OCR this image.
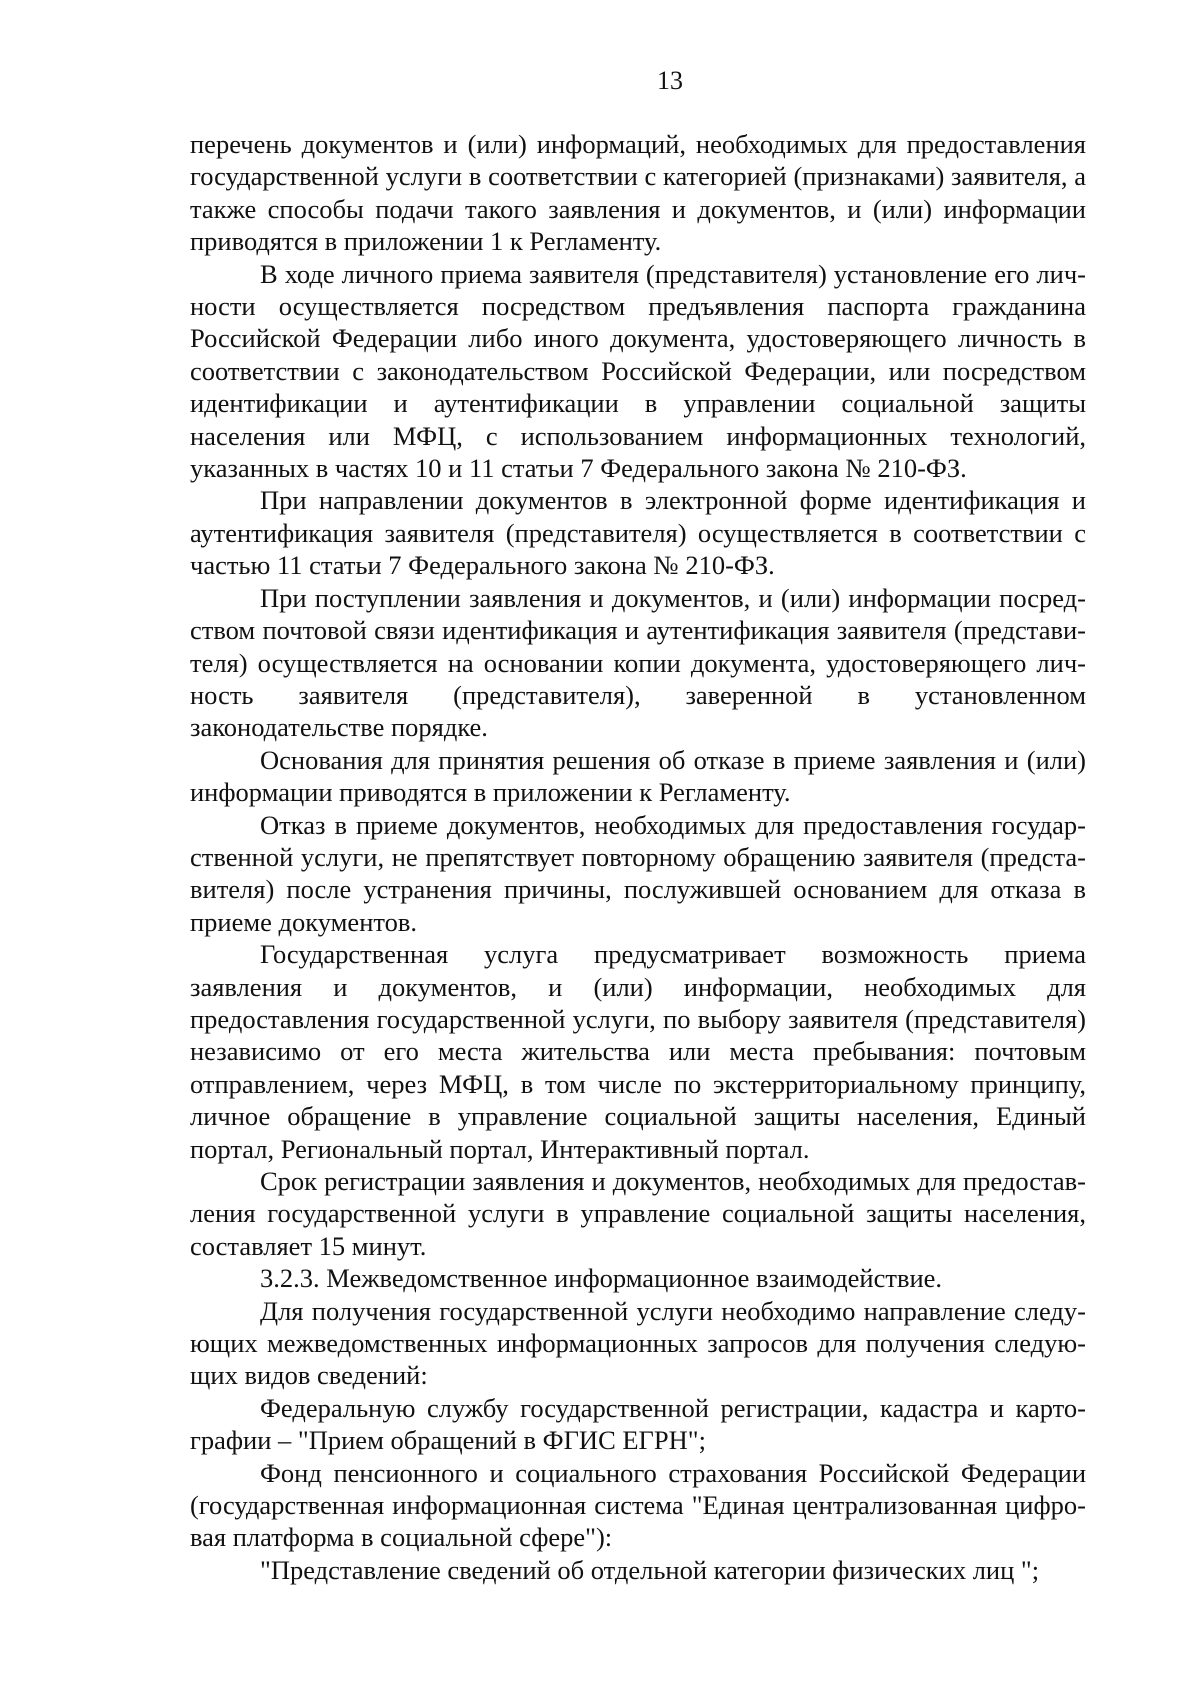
13

перечень документов и (или) информаций, необходимых для предоставления государственной услуги в соответствии с категорией (признаками) заявителя, а также способы подачи такого заявления и документов, и (или) информации приводятся в приложении 1 к Регламенту.

В ходе личного приема заявителя (представителя) установление его личности осуществляется посредством предъявления паспорта гражданина Российской Федерации либо иного документа, удостоверяющего личность в соответствии с законодательством Российской Федерации, или посредством идентификации и аутентификации в управлении социальной защиты населения или МФЦ, с использованием информационных технологий, указанных в частях 10 и 11 статьи 7 Федерального закона № 210-ФЗ.

При направлении документов в электронной форме идентификация и аутентификация заявителя (представителя) осуществляется в соответствии с частью 11 статьи 7 Федерального закона № 210-ФЗ.

При поступлении заявления и документов, и (или) информации посредством почтовой связи идентификация и аутентификация заявителя (представителя) осуществляется на основании копии документа, удостоверяющего личность заявителя (представителя), заверенной в установленном законодательстве порядке.

Основания для принятия решения об отказе в приеме заявления и (или) информации приводятся в приложении к Регламенту.

Отказ в приеме документов, необходимых для предоставления государственной услуги, не препятствует повторному обращению заявителя (представителя) после устранения причины, послужившей основанием для отказа в приеме документов.

Государственная услуга предусматривает возможность приема заявления и документов, и (или) информации, необходимых для предоставления государственной услуги, по выбору заявителя (представителя) независимо от его места жительства или места пребывания: почтовым отправлением, через МФЦ, в том числе по экстерриториальному принципу, личное обращение в управление социальной защиты населения, Единый портал, Региональный портал, Интерактивный портал.

Срок регистрации заявления и документов, необходимых для предоставления государственной услуги в управление социальной защиты населения, составляет 15 минут.

3.2.3. Межведомственное информационное взаимодействие.

Для получения государственной услуги необходимо направление следующих межведомственных информационных запросов для получения следующих видов сведений:

Федеральную службу государственной регистрации, кадастра и картографии – "Прием обращений в ФГИС ЕГРН";

Фонд пенсионного и социального страхования Российской Федерации (государственная информационная система "Единая централизованная цифровая платформа в социальной сфере"):

"Представление сведений об отдельной категории физических лиц ";
